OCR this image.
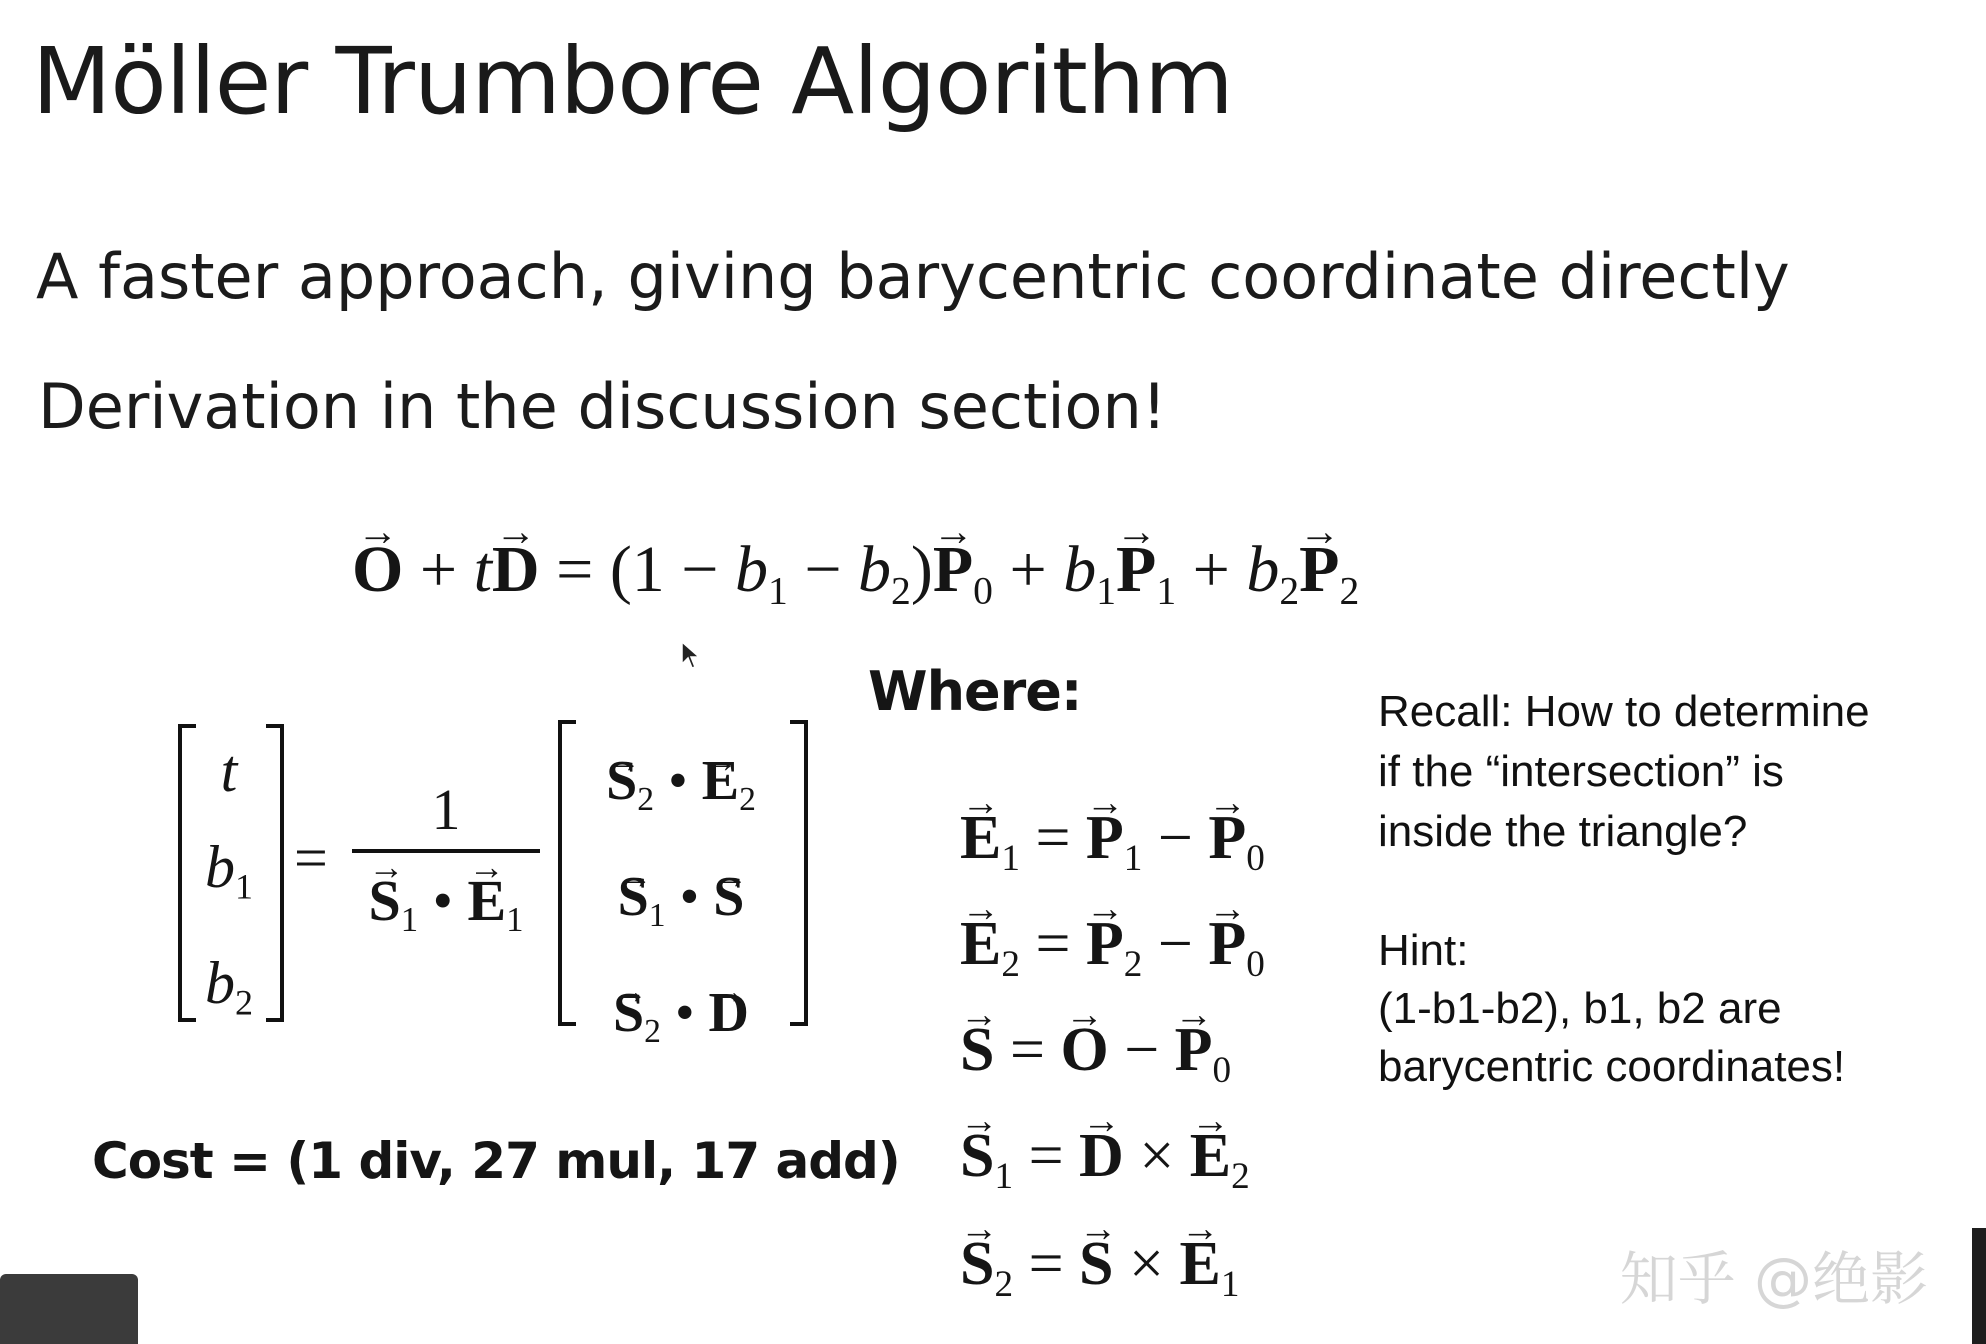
Möller Trumbore Algorithm
A faster approach, giving barycentric coordinate directly
Derivation in the discussion section!
→ O + t→ D = (1 − b1 − b2)→ P0 + b1→ P1 + b2→ P2
t
b1
b2
=
1
→ S1 • → E1
→ S2 • → E2
→ S1 • → S
→ S2 • → D
Where:
→ E1 = → P1 − → P0
→ E2 = → P2 − → P0
→ S = → O − → P0
→ S1 = → D × → E2
→ S2 = → S × → E1
Recall: How to determine
if the “intersection” is
inside the triangle?
Hint:
(1-b1-b2), b1, b2 are
barycentric coordinates!
Cost = (1 div, 27 mul, 17 add)
知乎 @绝影
